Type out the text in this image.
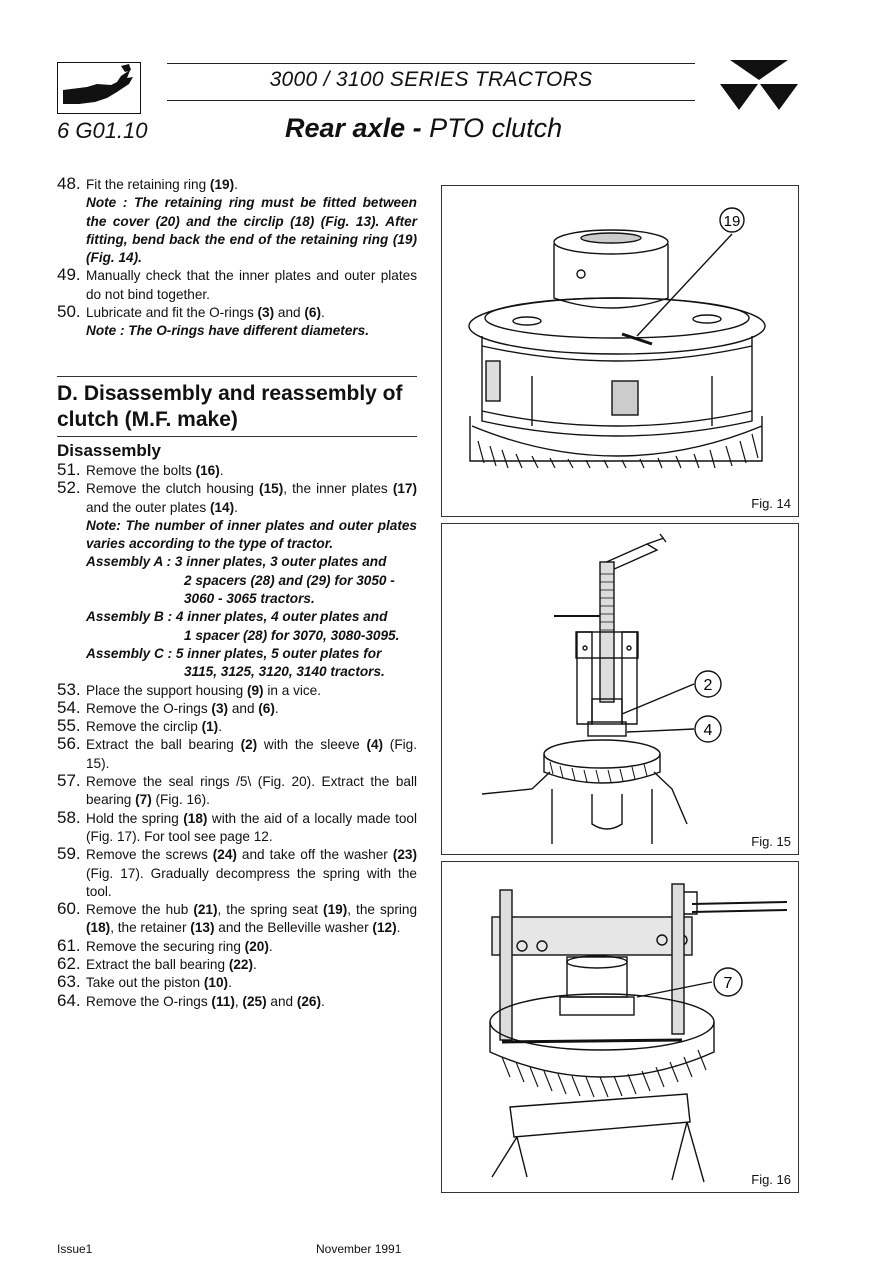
3000 / 3100 SERIES TRACTORS
6 G01.10	Rear axle - PTO clutch

48. Fit the retaining ring (19).

Note : The retaining ring must be fitted between the cover (20) and the circlip (18) (Fig. 13). After fitting, bend back the end of the retaining ring (19) (Fig. 14).

49. Manually check that the inner plates and outer plates do not bind together.

50. Lubricate and fit the O-rings (3) and (6).

Note : The O-rings have different diameters.

D. Disassembly and reassembly of clutch (M.F. make)
Disassembly

51. Remove the bolts (16).

52. Remove the clutch housing (15), the inner plates (17) and the outer plates (14).

Note: The number of inner plates and outer plates varies according to the type of tractor.

Assembly A : 3 inner plates, 3 outer plates and
2 spacers (28) and (29) for 3050 - 3060 - 3065 tractors.

Assembly B : 4 inner plates, 4 outer plates and
1 spacer (28) for 3070, 3080-3095.

Assembly C : 5 inner plates, 5 outer plates for
3115, 3125, 3120, 3140 tractors.

53. Place the support housing (9) in a vice.

54. Remove the O-rings (3) and (6).

55. Remove the circlip (1).

56. Extract the ball bearing (2) with the sleeve (4) (Fig. 15).

57. Remove the seal rings /5\ (Fig. 20). Extract the ball bearing (7) (Fig. 16).

58. Hold the spring (18) with the aid of a locally made tool (Fig. 17). For tool see page 12.

59. Remove the screws (24) and take off the washer (23) (Fig. 17). Gradually decompress the spring with the tool.

60. Remove the hub (21), the spring seat (19), the spring (18), the retainer (13) and the Belleville washer (12).

61. Remove the securing ring (20).

62. Extract the ball bearing (22).

63. Take out the piston (10).

64. Remove the O-rings (11), (25) and (26).

19
Fig. 14
2
4
Fig. 15
7
Fig. 16
Issue1	November 1991
